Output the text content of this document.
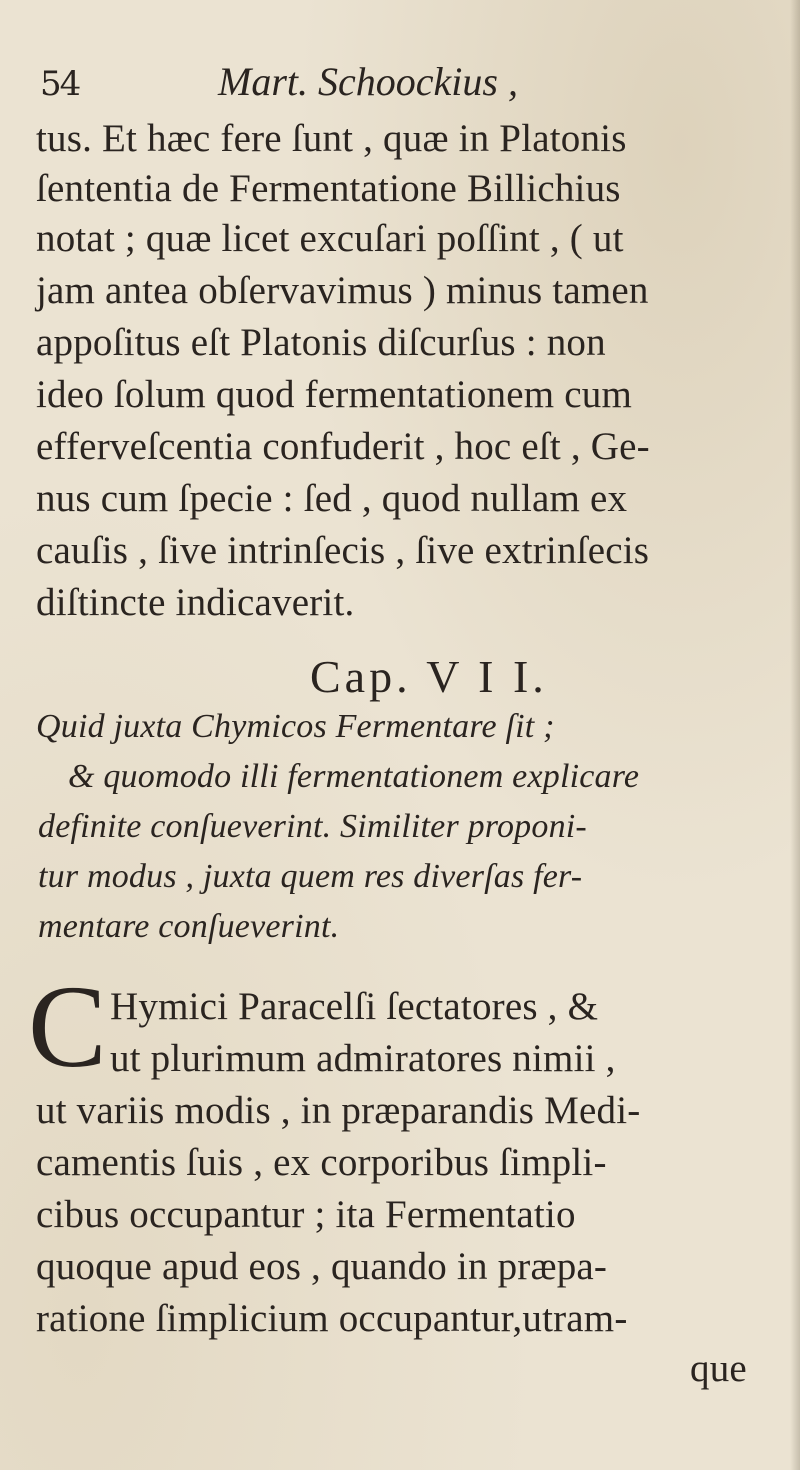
54	Mart. Schoockius ,
tus. Et hæc fere ſunt , quæ in Platonis
ſententia de Fermentatione Billichius
notat ; quæ licet excuſari poſſint , ( ut
jam antea obſervavimus ) minus tamen
appoſitus eſt Platonis diſcurſus : non
ideo ſolum quod fermentationem cum
efferveſcentia confuderit , hoc eſt , Ge-
nus cum ſpecie : ſed , quod nullam ex
cauſis , ſive intrinſecis , ſive extrinſecis
diſtincte indicaverit.
Cap. V I I.
Quid juxta Chymicos Fermentare ſit ;
& quomodo illi fermentationem explicare
definite conſueverint. Similiter proponi-
tur modus , juxta quem res diverſas fer-
mentare conſueverint.
C Hymici Paracelſi ſectatores , &
ut plurimum admiratores nimii ,
ut variis modis , in præparandis Medi-
camentis ſuis , ex corporibus ſimpli-
cibus occupantur ; ita Fermentatio
quoque apud eos , quando in præpa-
ratione ſimplicium occupantur,utram-
que
